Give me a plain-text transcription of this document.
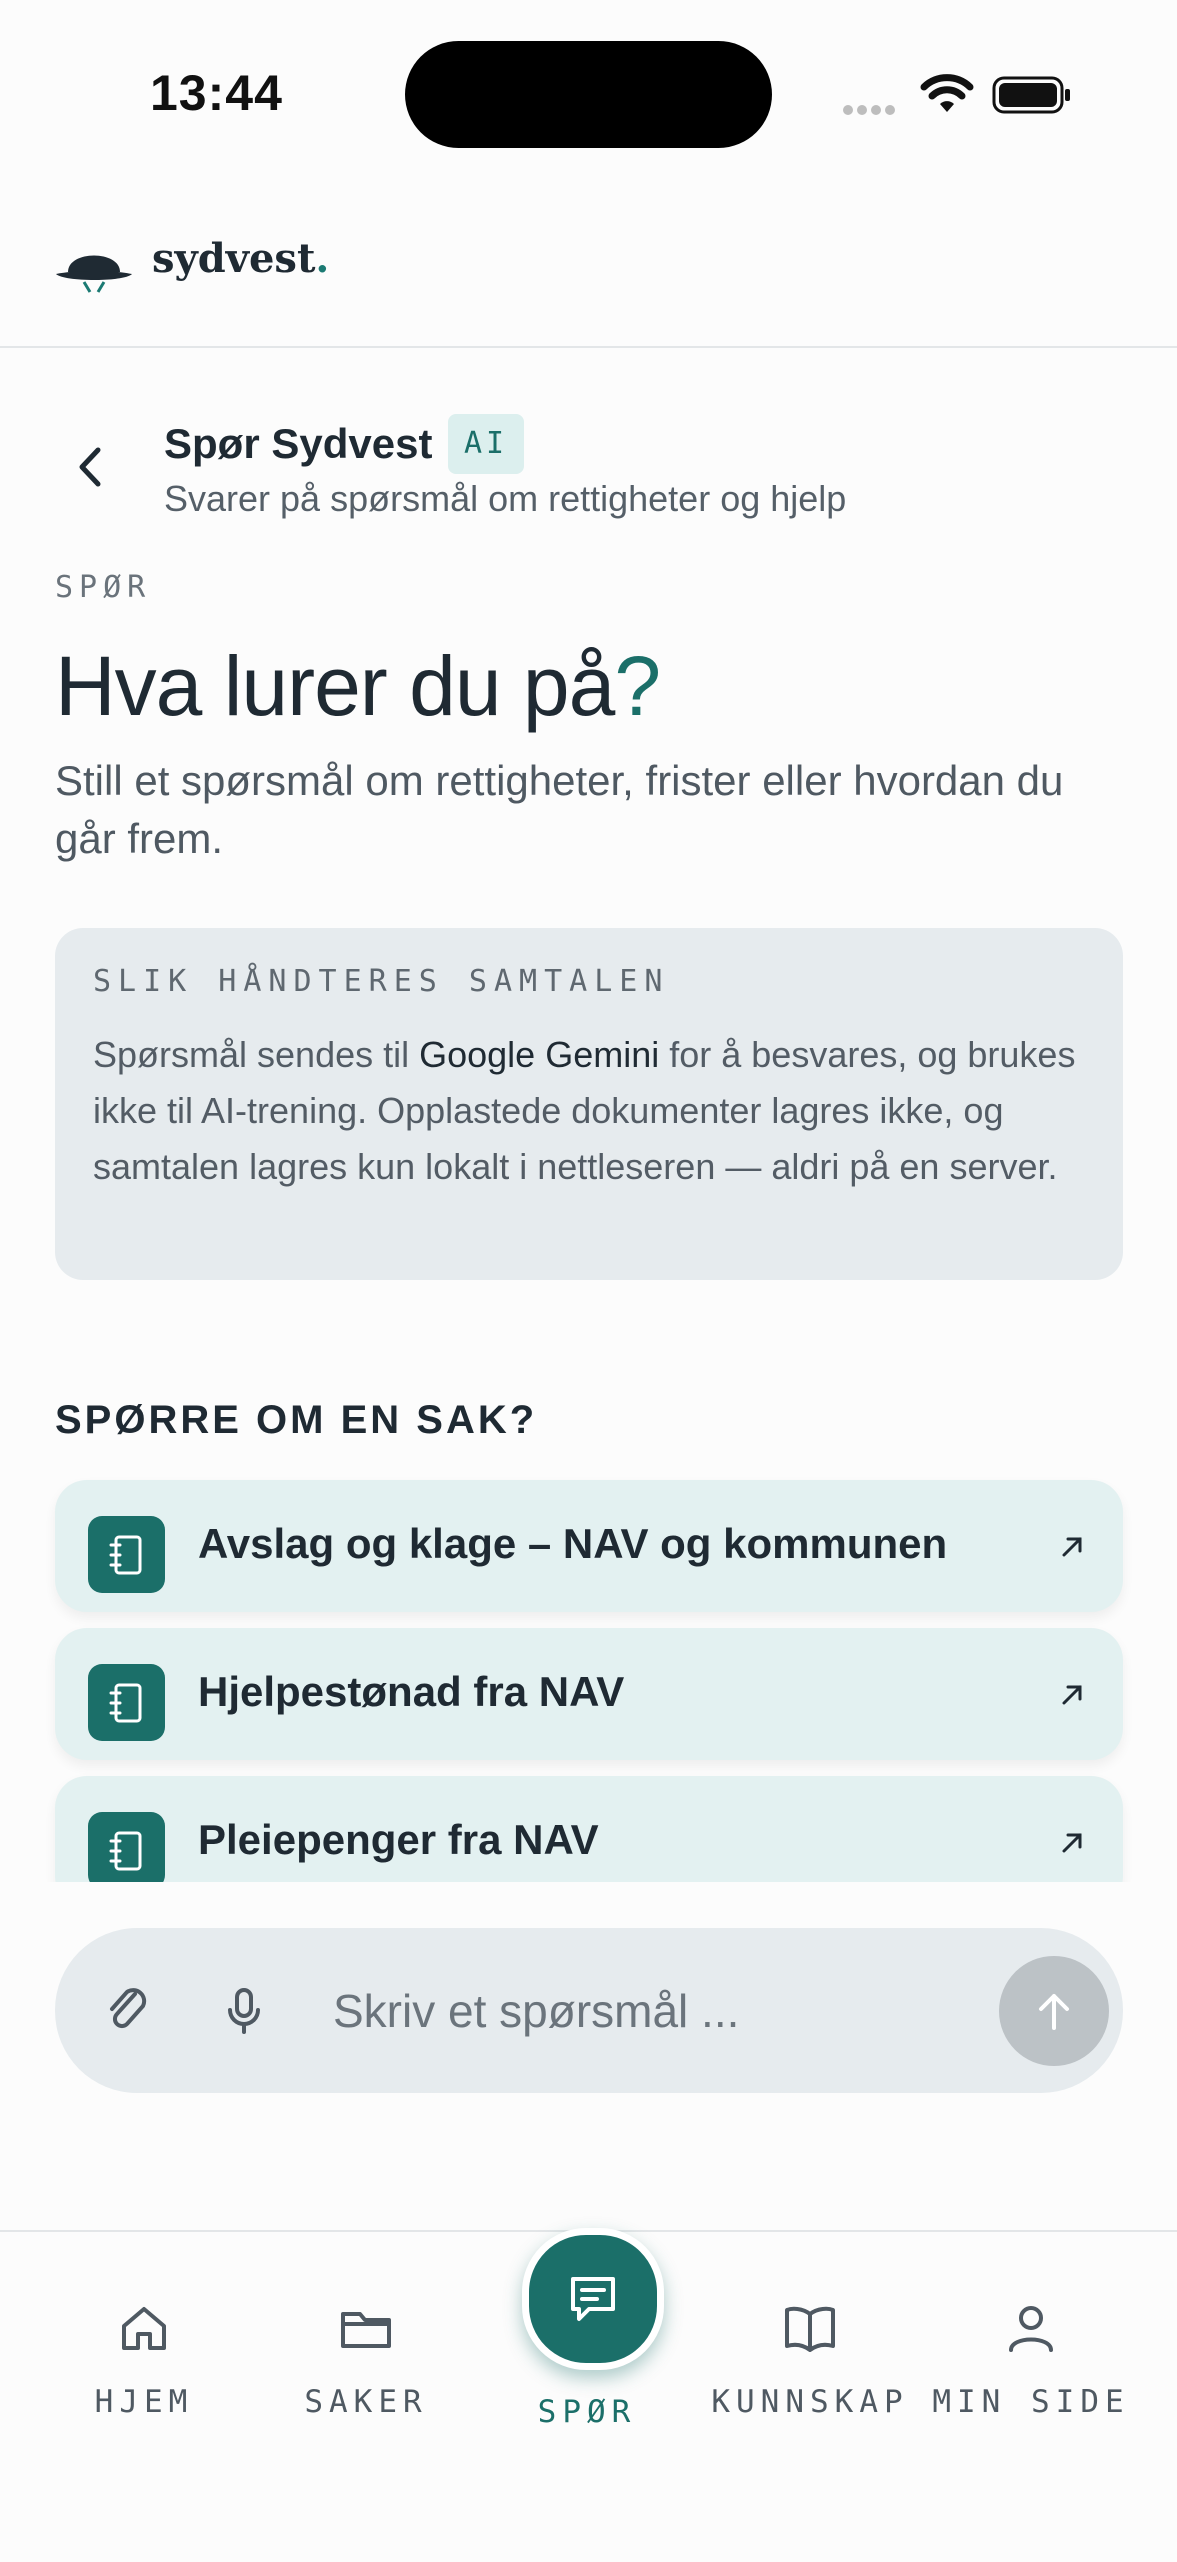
13:44
sydvest.
Spør Sydvest	AI
Svarer på spørsmål om rettigheter og hjelp
SPØR
Hva lurer du på?
Still et spørsmål om rettigheter, frister eller hvordan du går frem.
SLIK HÅNDTERES SAMTALEN
Spørsmål sendes til Google Gemini for å besvares, og brukes ikke til AI-trening. Opplastede dokumenter lagres ikke, og samtalen lagres kun lokalt i nettleseren — aldri på en server.
SPØRRE OM EN SAK?
Avslag og klage – NAV og kommunen
Hjelpestønad fra NAV
Pleiepenger fra NAV
Skriv et spørsmål ...
HJEM	SAKER	SPØR	KUNNSKAP MIN SIDE
